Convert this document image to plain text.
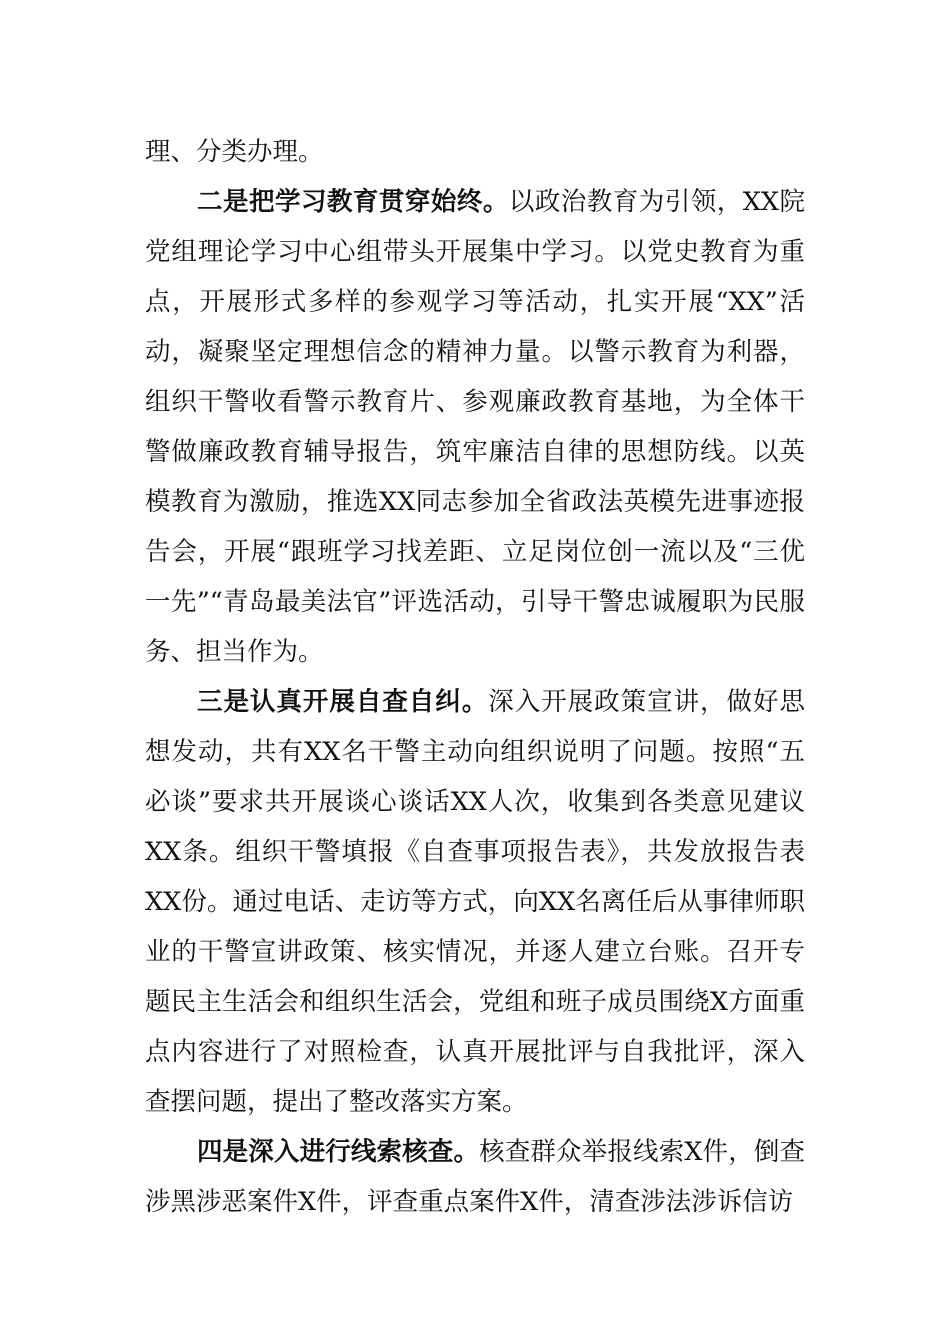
理、分类办理。

二是把学习教育贯穿始终。以政治教育为引领，XX院党组理论学习中心组带头开展集中学习。以党史教育为重点，开展形式多样的参观学习等活动，扎实开展“XX”活动，凝聚坚定理想信念的精神力量。以警示教育为利器，组织干警收看警示教育片、参观廉政教育基地，为全体干警做廉政教育辅导报告，筑牢廉洁自律的思想防线。以英模教育为激励，推选XX同志参加全省政法英模先进事迹报告会，开展“跟班学习找差距、立足岗位创一流以及“三优一先”“青岛最美法官”评选活动，引导干警忠诚履职为民服务、担当作为。

三是认真开展自查自纠。深入开展政策宣讲，做好思想发动，共有XX名干警主动向组织说明了问题。按照“五必谈”要求共开展谈心谈话XX人次，收集到各类意见建议XX条。组织干警填报《自查事项报告表》，共发放报告表XX份。通过电话、走访等方式，向XX名离任后从事律师职业的干警宣讲政策、核实情况，并逐人建立台账。召开专题民主生活会和组织生活会，党组和班子成员围绕X方面重点内容进行了对照检查，认真开展批评与自我批评，深入查摆问题，提出了整改落实方案。

四是深入进行线索核查。核查群众举报线索X件，倒查涉黑涉恶案件X件，评查重点案件X件，清查涉法涉诉信访
